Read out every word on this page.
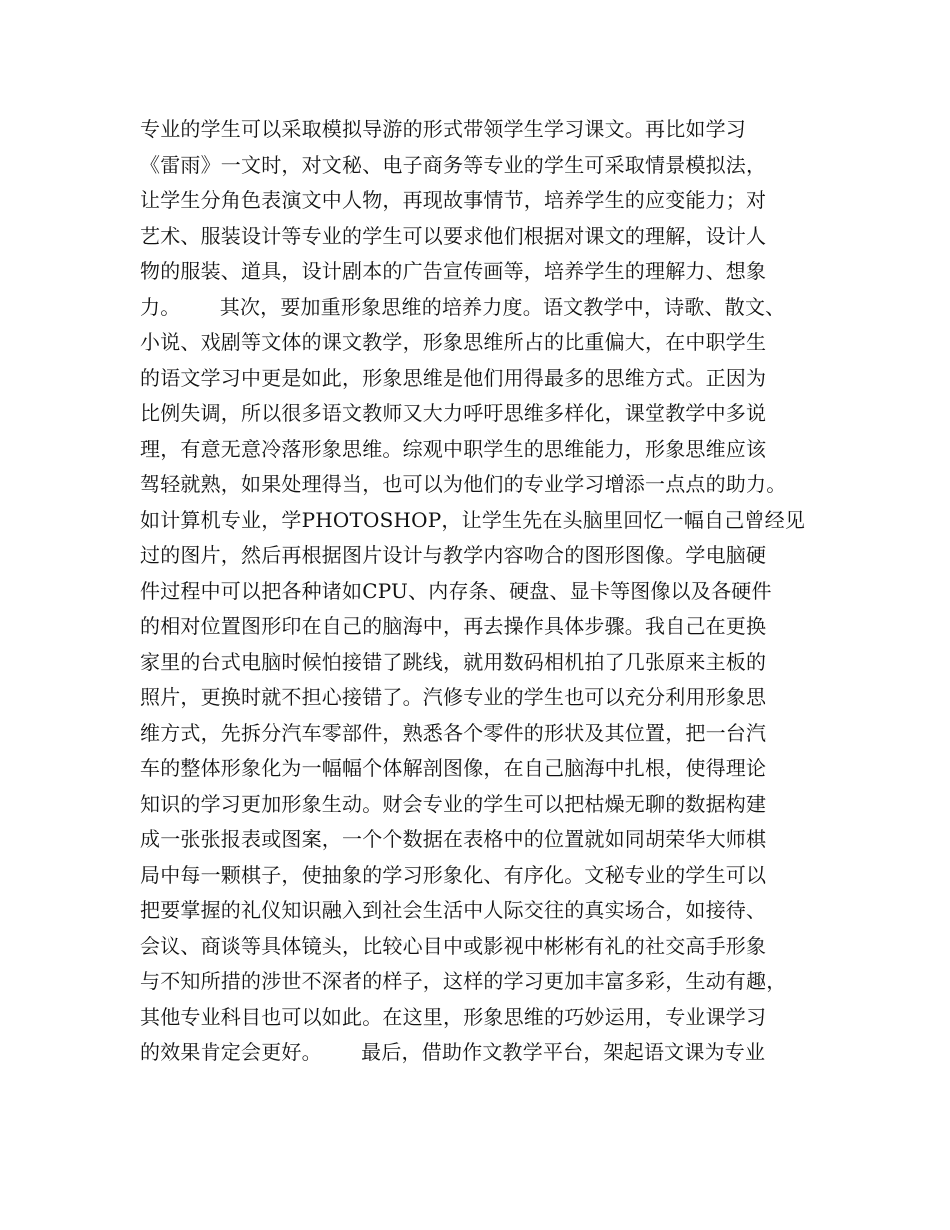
专业的学生可以采取模拟导游的形式带领学生学习课文。再比如学习
《雷雨》一文时，对文秘、电子商务等专业的学生可采取情景模拟法，
让学生分角色表演文中人物，再现故事情节，培养学生的应变能力；对
艺术、服装设计等专业的学生可以要求他们根据对课文的理解，设计人
物的服装、道具，设计剧本的广告宣传画等，培养学生的理解力、想象
力。      其次，要加重形象思维的培养力度。语文教学中，诗歌、散文、
小说、戏剧等文体的课文教学，形象思维所占的比重偏大，在中职学生
的语文学习中更是如此，形象思维是他们用得最多的思维方式。正因为
比例失调，所以很多语文教师又大力呼吁思维多样化，课堂教学中多说
理，有意无意冷落形象思维。综观中职学生的思维能力，形象思维应该
驾轻就熟，如果处理得当，也可以为他们的专业学习增添一点点的助力。
如计算机专业，学PHOTOSHOP，让学生先在头脑里回忆一幅自己曾经见
过的图片，然后再根据图片设计与教学内容吻合的图形图像。学电脑硬
件过程中可以把各种诸如CPU、内存条、硬盘、显卡等图像以及各硬件
的相对位置图形印在自己的脑海中，再去操作具体步骤。我自己在更换
家里的台式电脑时候怕接错了跳线，就用数码相机拍了几张原来主板的
照片，更换时就不担心接错了。汽修专业的学生也可以充分利用形象思
维方式，先拆分汽车零部件，熟悉各个零件的形状及其位置，把一台汽
车的整体形象化为一幅幅个体解剖图像，在自己脑海中扎根，使得理论
知识的学习更加形象生动。财会专业的学生可以把枯燥无聊的数据构建
成一张张报表或图案，一个个数据在表格中的位置就如同胡荣华大师棋
局中每一颗棋子，使抽象的学习形象化、有序化。文秘专业的学生可以
把要掌握的礼仪知识融入到社会生活中人际交往的真实场合，如接待、
会议、商谈等具体镜头，比较心目中或影视中彬彬有礼的社交高手形象
与不知所措的涉世不深者的样子，这样的学习更加丰富多彩，生动有趣，
其他专业科目也可以如此。在这里，形象思维的巧妙运用，专业课学习
的效果肯定会更好。      最后，借助作文教学平台，架起语文课为专业
